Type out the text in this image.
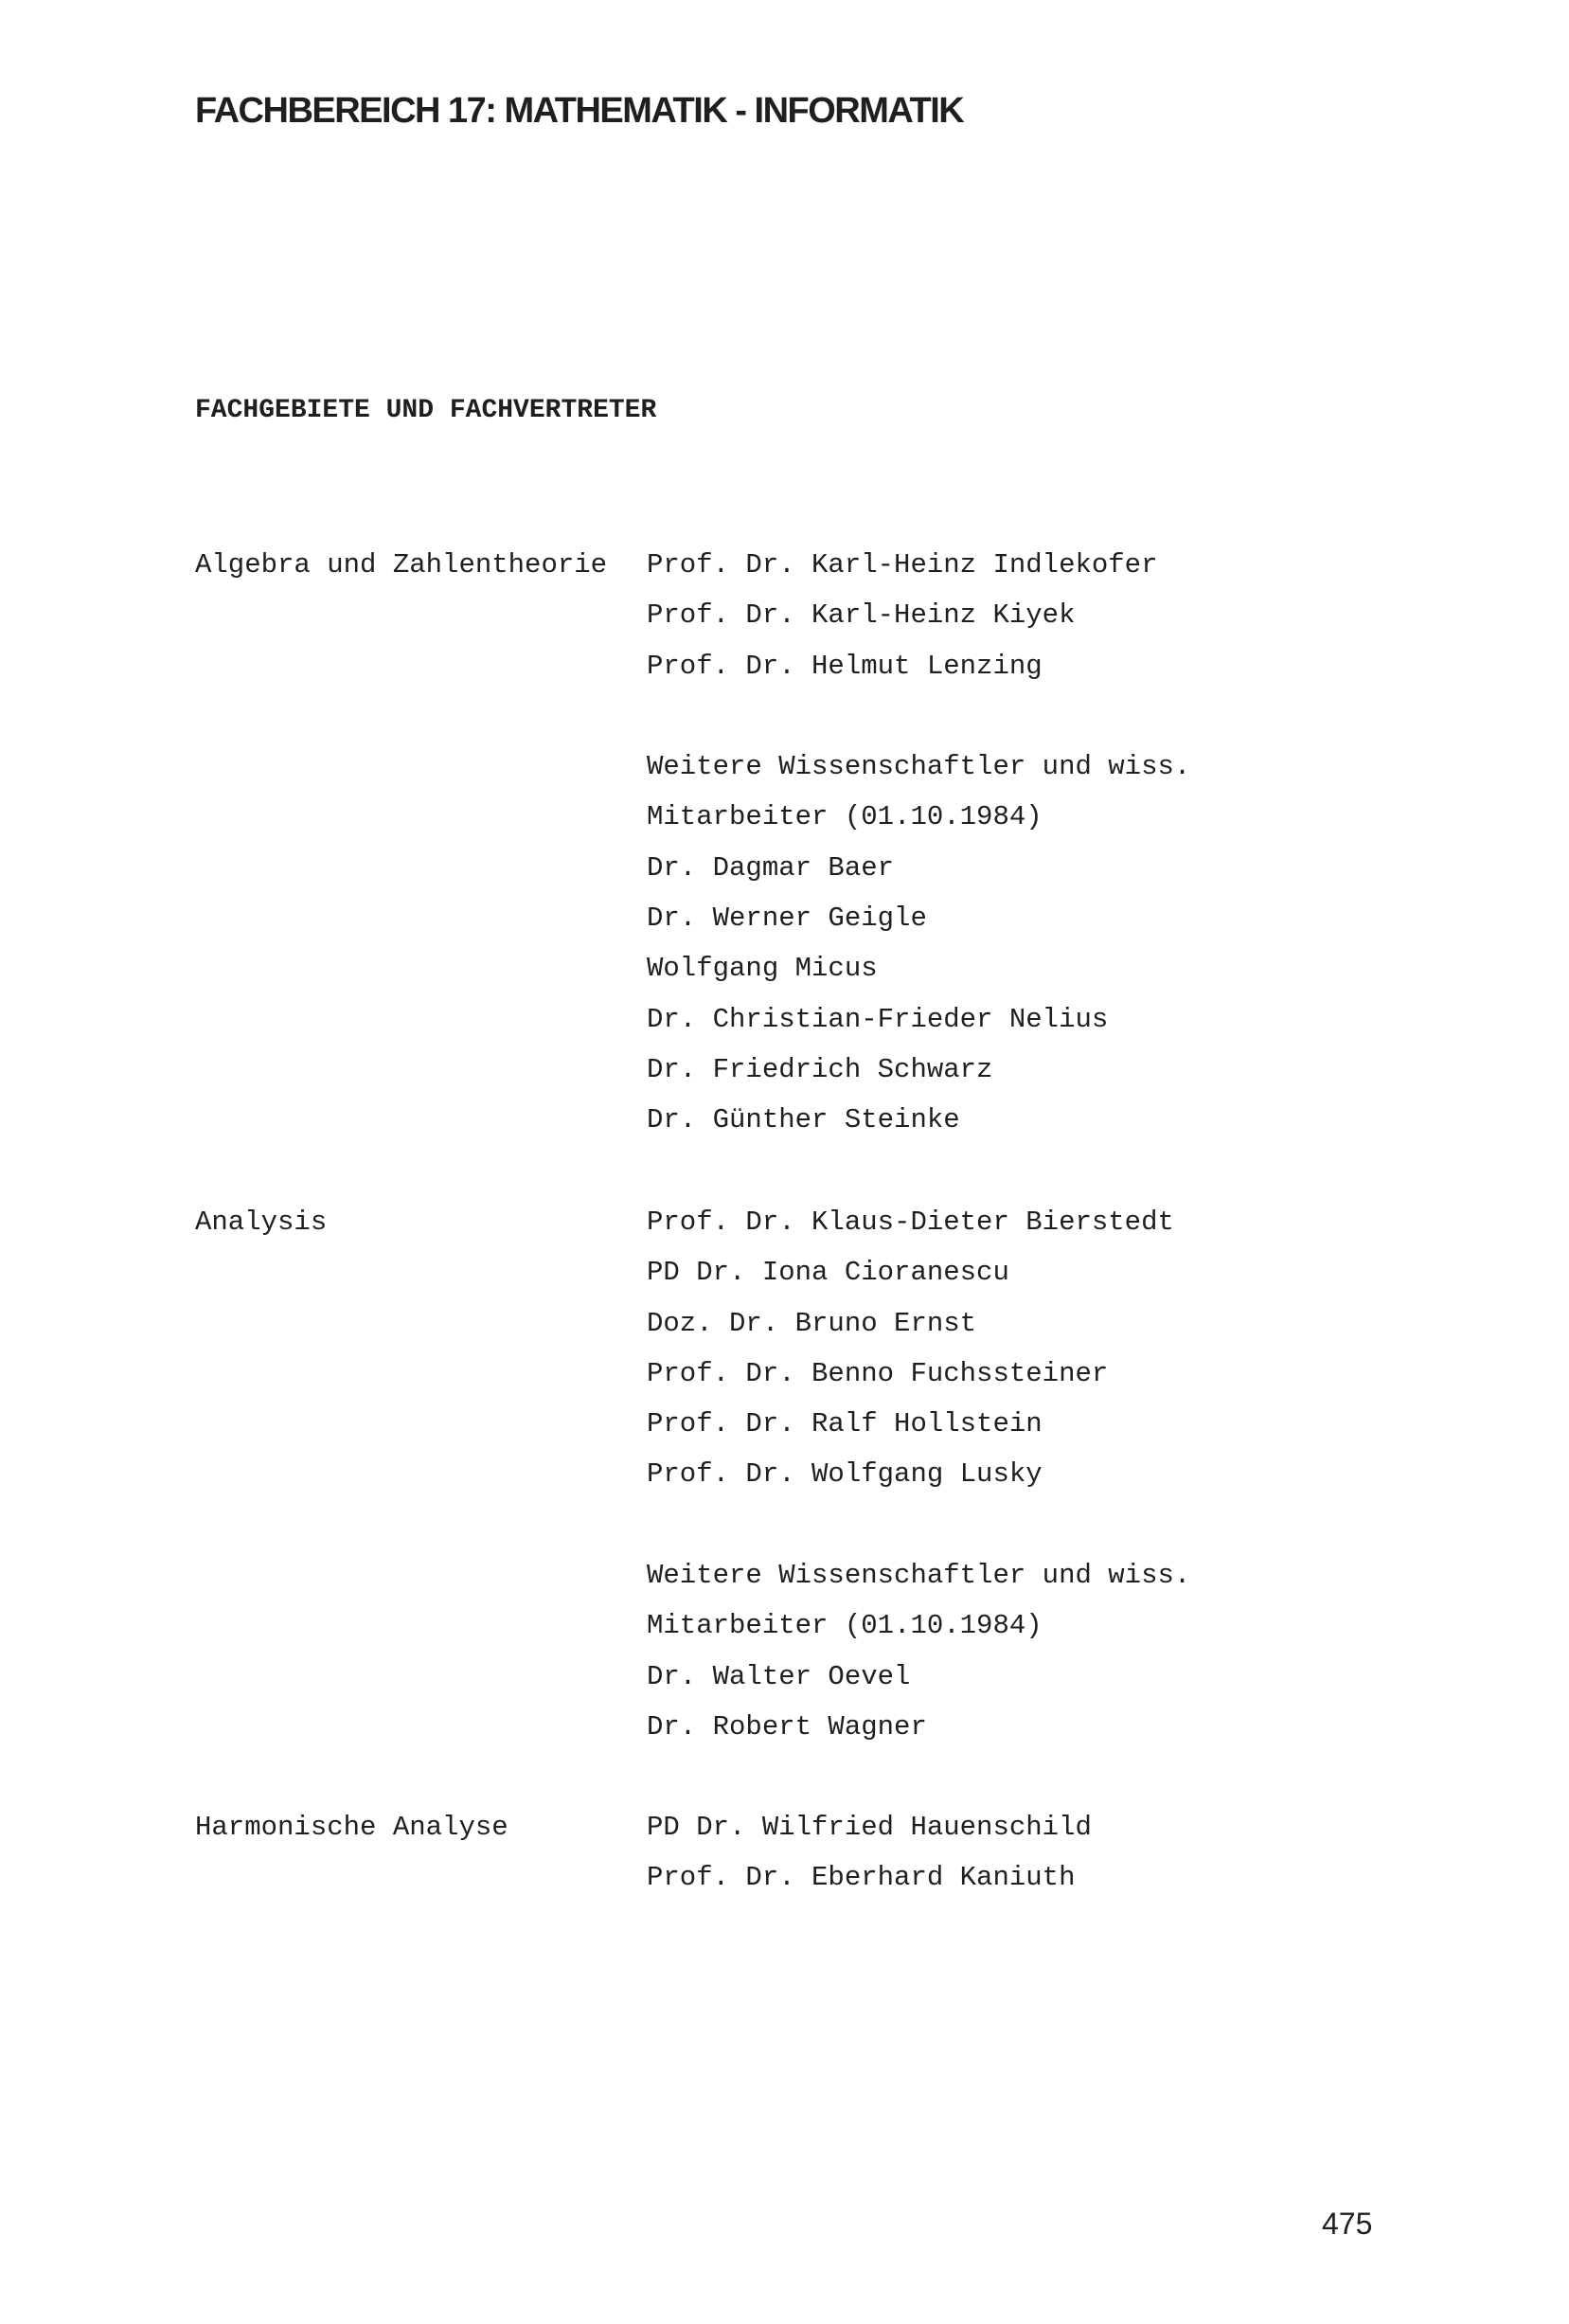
FACHBEREICH 17: MATHEMATIK - INFORMATIK
FACHGEBIETE UND FACHVERTRETER
Algebra und Zahlentheorie Prof. Dr. Karl-Heinz Indlekofer
Prof. Dr. Karl-Heinz Kiyek
Prof. Dr. Helmut Lenzing
Weitere Wissenschaftler und wiss.
Mitarbeiter (01.10.1984)
Dr. Dagmar Baer
Dr. Werner Geigle
Wolfgang Micus
Dr. Christian-Frieder Nelius
Dr. Friedrich Schwarz
Dr. Günther Steinke
Analysis	Prof. Dr. Klaus-Dieter Bierstedt
PD Dr. Iona Cioranescu
Doz. Dr. Bruno Ernst
Prof. Dr. Benno Fuchssteiner
Prof. Dr. Ralf Hollstein
Prof. Dr. Wolfgang Lusky
Weitere Wissenschaftler und wiss.
Mitarbeiter (01.10.1984)
Dr. Walter Oevel
Dr. Robert Wagner
Harmonische Analyse	PD Dr. Wilfried Hauenschild
Prof. Dr. Eberhard Kaniuth
475
